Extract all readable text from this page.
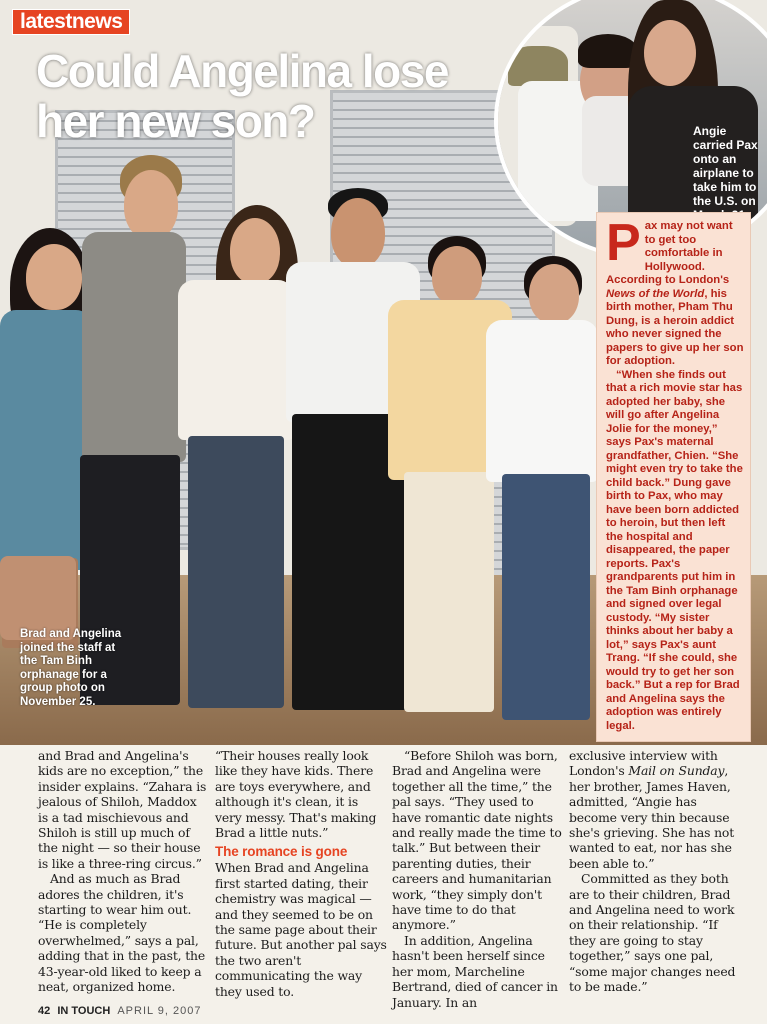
latestnews
Could Angelina lose her new son?	Angie carried Pax onto an airplane to take him to the U.S. on
Brad and Angelina joined the staff at the Tam Binh orphanage for a group photo on November 25.
P ax may not want to get too comfortable in Hollywood. According to London's News of the World, his birth mother, Pham Thu Dung, is a heroin addict who never signed the papers to give up her son for adoption.

“When she finds out that a rich movie star has adopted her baby, she will go after Angelina Jolie for the money,” says Pax's maternal grandfather, Chien. “She might even try to take the child back.” Dung gave birth to Pax, who may have been born addicted to heroin, but then left the hospital and disappeared, the paper reports. Pax's grandparents put him in the Tam Binh orphanage and signed over legal custody. “My sister thinks about her baby a lot,” says Pax's aunt Trang. “If she could, she would try to get her son back.” But a rep for Brad and Angelina says the adoption was entirely legal.

and Brad and Angelina's kids are no exception,” the insider explains. “Zahara is jealous of Shiloh, Maddox is a tad mischievous and Shiloh is still up much of the night — so their house is like a three-ring circus.”

And as much as Brad adores the children, it's starting to wear him out. “He is completely overwhelmed,” says a pal, adding that in the past, the 43-year-old liked to keep a neat, organized home.

“Their houses really look like they have kids. There are toys everywhere, and although it's clean, it is very messy. That's making Brad a little nuts.”

The romance is gone

When Brad and Angelina first started dating, their chemistry was magical — and they seemed to be on the same page about their future. But another pal says the two aren't communicating the way they used to.

“Before Shiloh was born, Brad and Angelina were together all the time,” the pal says. “They used to have romantic date nights and really made the time to talk.” But between their parenting duties, their careers and humanitarian work, “they simply don't have time to do that anymore.”

In addition, Angelina hasn't been herself since her mom, Marcheline Bertrand, died of cancer in January. In an

exclusive interview with London's Mail on Sunday, her brother, James Haven, admitted, “Angie has become very thin because she's grieving. She has not wanted to eat, nor has she been able to.”

Committed as they both are to their children, Brad and Angelina need to work on their relationship. “If they are going to stay together,” says one pal, “some major changes need to be made.”

42 IN TOUCH APRIL 9, 2007
